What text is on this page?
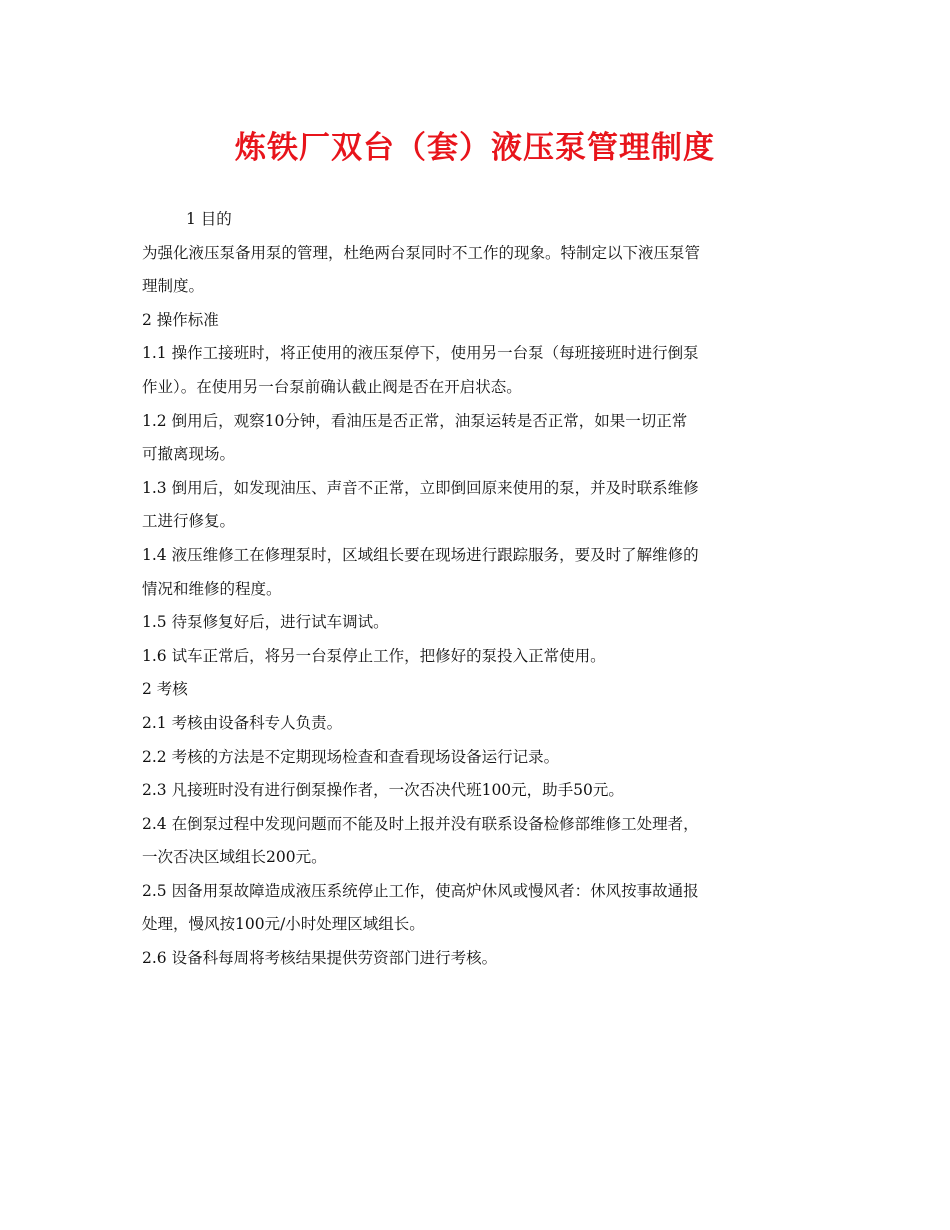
炼铁厂双台（套）液压泵管理制度
1 目的
为强化液压泵备用泵的管理，杜绝两台泵同时不工作的现象。特制定以下液压泵管
理制度。
2 操作标准
1.1 操作工接班时，将正使用的液压泵停下，使用另一台泵（每班接班时进行倒泵
作业）。在使用另一台泵前确认截止阀是否在开启状态。
1.2 倒用后，观察10分钟，看油压是否正常，油泵运转是否正常，如果一切正常
可撤离现场。
1.3 倒用后，如发现油压、声音不正常，立即倒回原来使用的泵，并及时联系维修
工进行修复。
1.4 液压维修工在修理泵时，区域组长要在现场进行跟踪服务，要及时了解维修的
情况和维修的程度。
1.5 待泵修复好后，进行试车调试。
1.6 试车正常后，将另一台泵停止工作，把修好的泵投入正常使用。
2 考核
2.1 考核由设备科专人负责。
2.2 考核的方法是不定期现场检查和查看现场设备运行记录。
2.3 凡接班时没有进行倒泵操作者，一次否决代班100元，助手50元。
2.4 在倒泵过程中发现问题而不能及时上报并没有联系设备检修部维修工处理者，
一次否决区域组长200元。
2.5 因备用泵故障造成液压系统停止工作，使高炉休风或慢风者：休风按事故通报
处理，慢风按100元/小时处理区域组长。
2.6 设备科每周将考核结果提供劳资部门进行考核。
